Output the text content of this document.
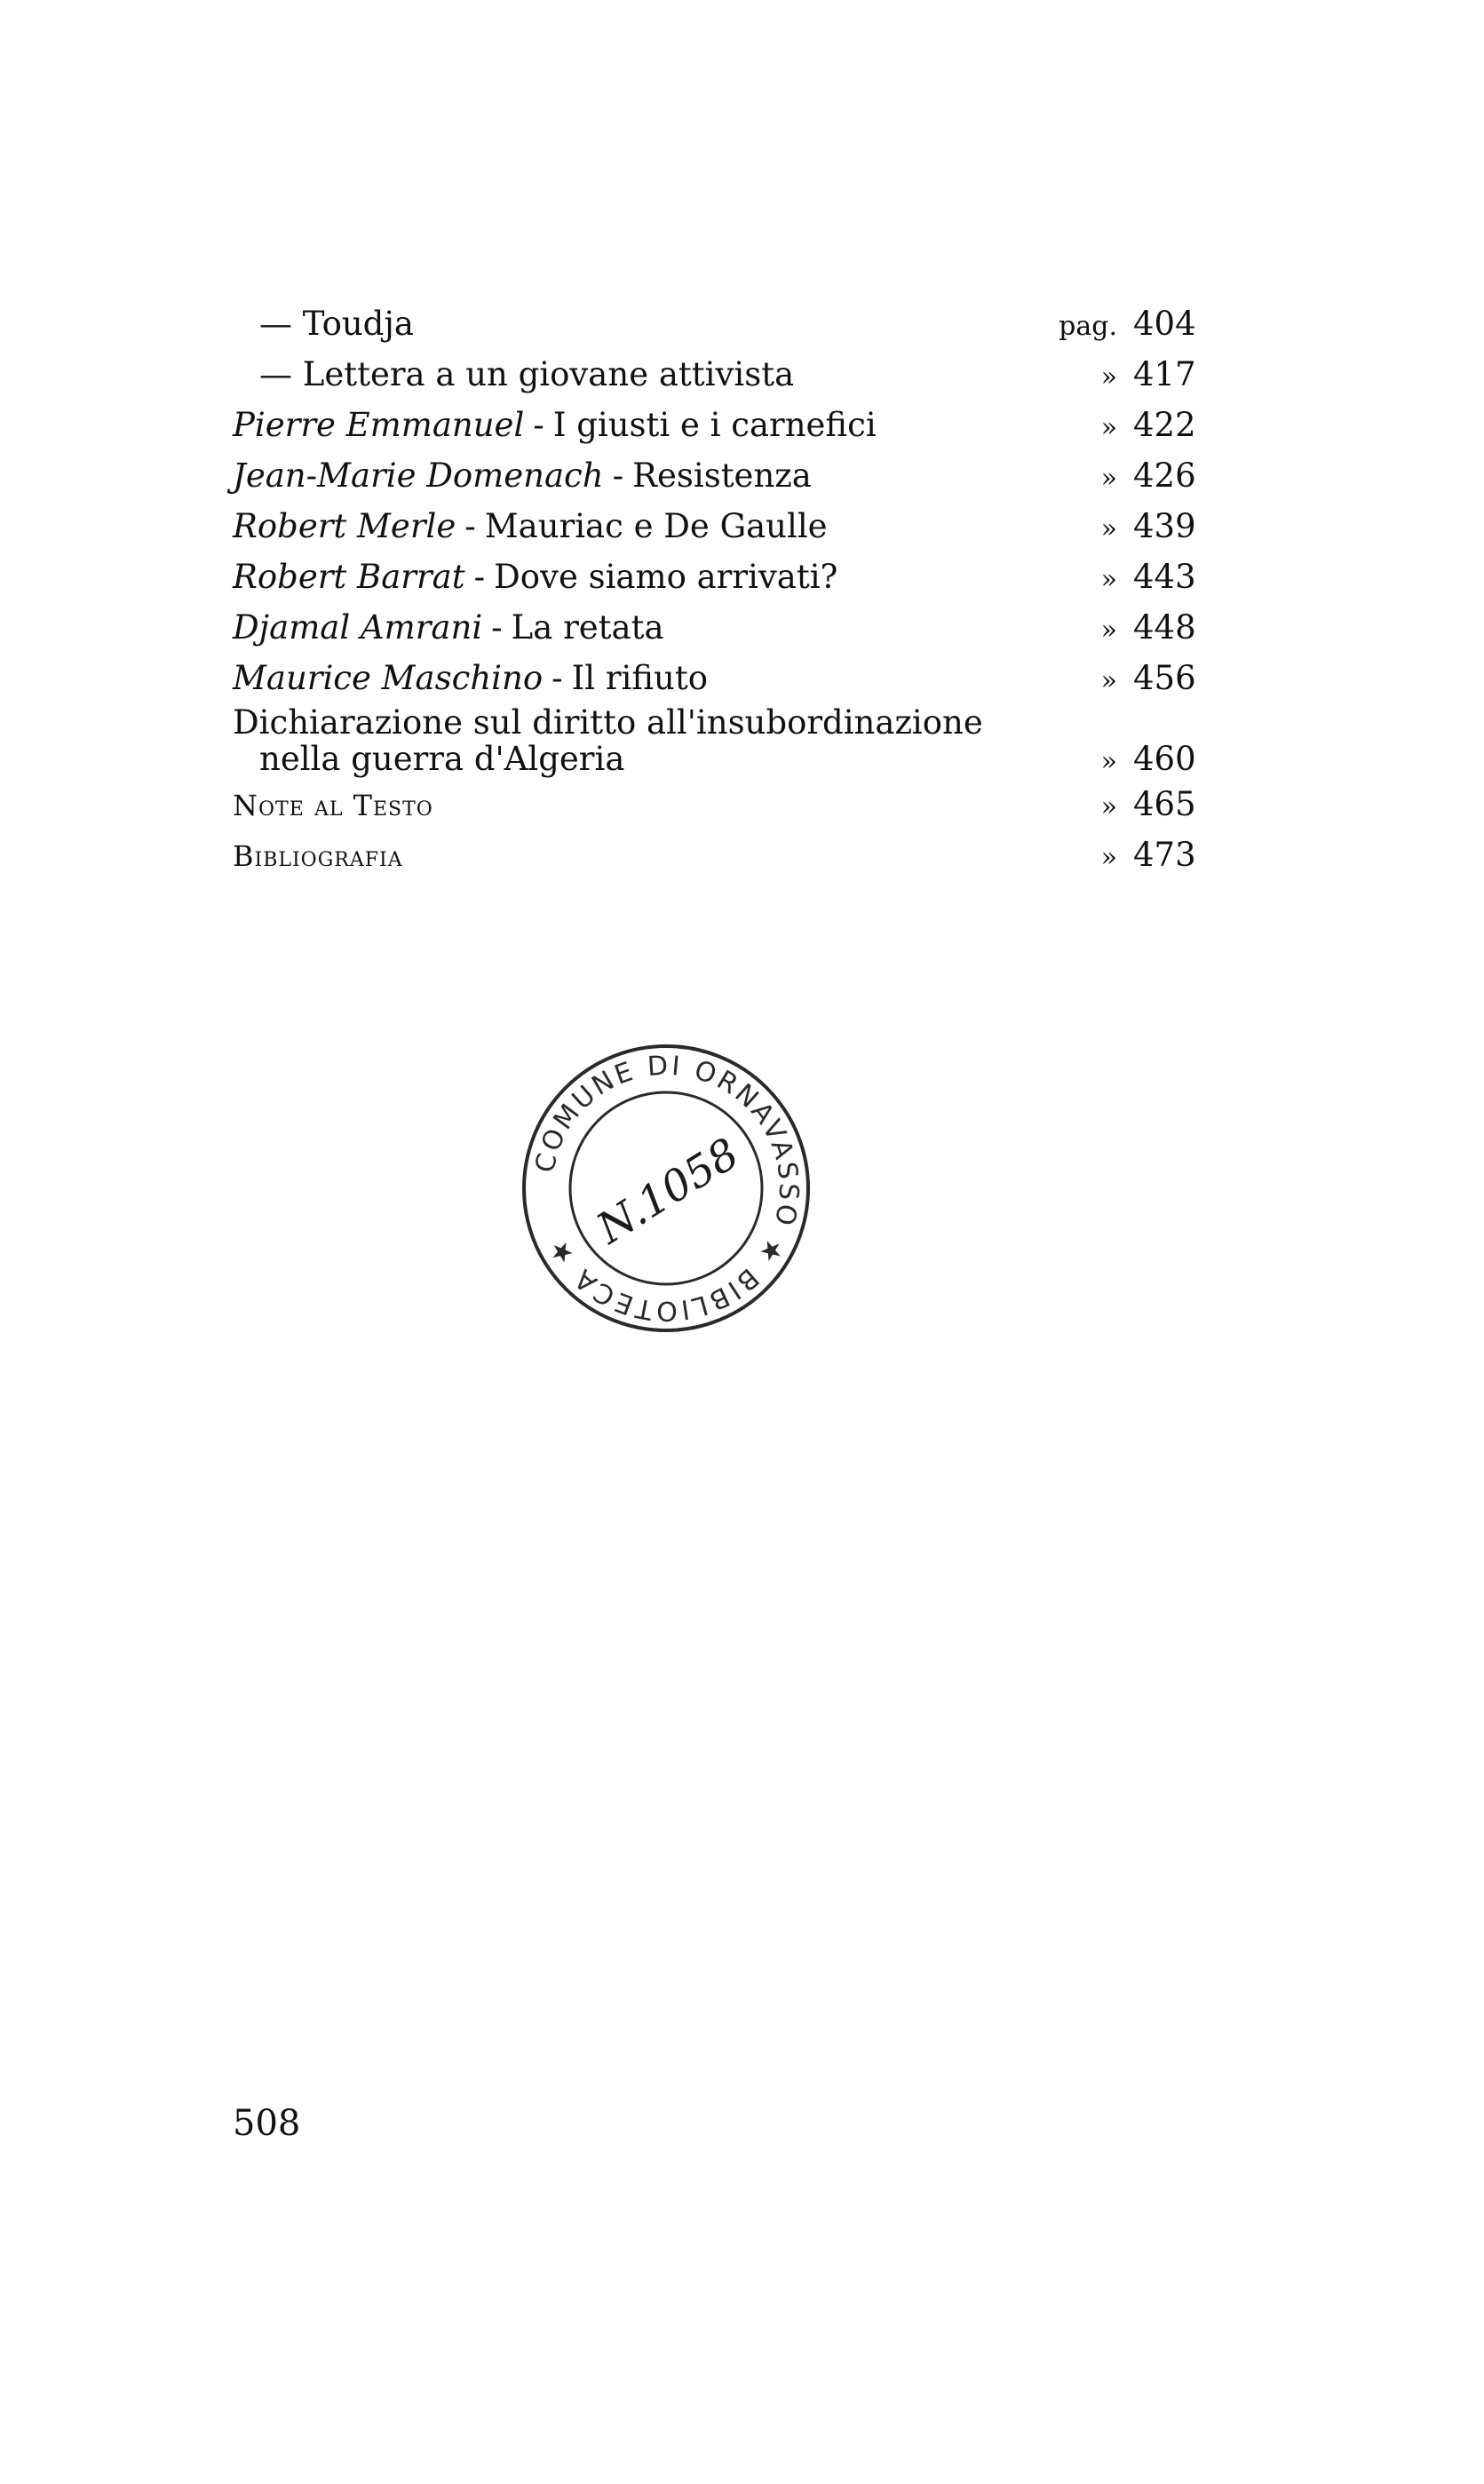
— Toudja	pag. 404
— Lettera a un giovane attivista	» 417
Pierre Emmanuel - I giusti e i carnefici	» 422
Jean-Marie Domenach - Resistenza	» 426
Robert Merle - Mauriac e De Gaulle	» 439
Robert Barrat - Dove siamo arrivati?	» 443
Djamal Amrani - La retata	» 448
Maurice Maschino - Il rifiuto	» 456
Dichiarazione sul diritto all'insubordinazione
nella guerra d'Algeria	» 460
Note al Testo	» 465
Bibliografia	» 473
COMUNE DI ORNAVASSO ★ BIBLIOTECA ★ N.1058
508
